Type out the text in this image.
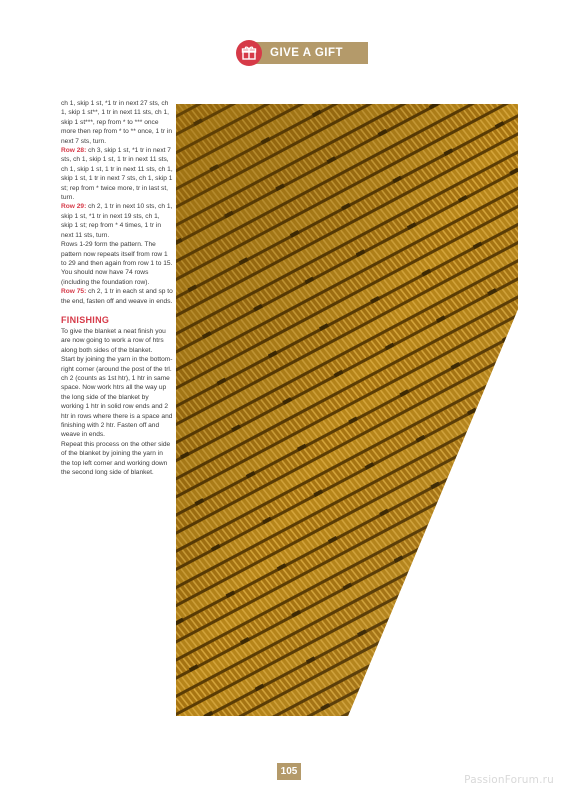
GIVE A GIFT

ch 1, skip 1 st, *1 tr in next 27 sts, ch 1, skip 1 st**, 1 tr in next 11 sts, ch 1, skip 1 st***, rep from * to *** once more then rep from * to ** once, 1 tr in next 7 sts, turn.

Row 28: ch 3, skip 1 st, *1 tr in next 7 sts, ch 1, skip 1 st, 1 tr in next 11 sts, ch 1, skip 1 st, 1 tr in next 11 sts, ch 1, skip 1 st, 1 tr in next 7 sts, ch 1, skip 1 st; rep from * twice more, tr in last st, turn.

Row 29: ch 2, 1 tr in next 10 sts, ch 1, skip 1 st, *1 tr in next 19 sts, ch 1, skip 1 st; rep from * 4 times, 1 tr in next 11 sts, turn.

Rows 1-29 form the pattern. The pattern now repeats itself from row 1 to 29 and then again from row 1 to 15. You should now have 74 rows (including the foundation row).

Row 75: ch 2, 1 tr in each st and sp to the end, fasten off and weave in ends.

FINISHING

To give the blanket a neat finish you are now going to work a row of htrs along both sides of the blanket.

Start by joining the yarn in the bottom-right corner (around the post of the trl. ch 2 (counts as 1st htr), 1 htr in same space. Now work htrs all the way up the long side of the blanket by working 1 htr in solid row ends and 2 htr in rows where there is a space and finishing with 2 htr. Fasten off and weave in ends.

Repeat this process on the other side of the blanket by joining the yarn in the top left corner and working down the second long side of blanket.

105
PassionForum.ru
